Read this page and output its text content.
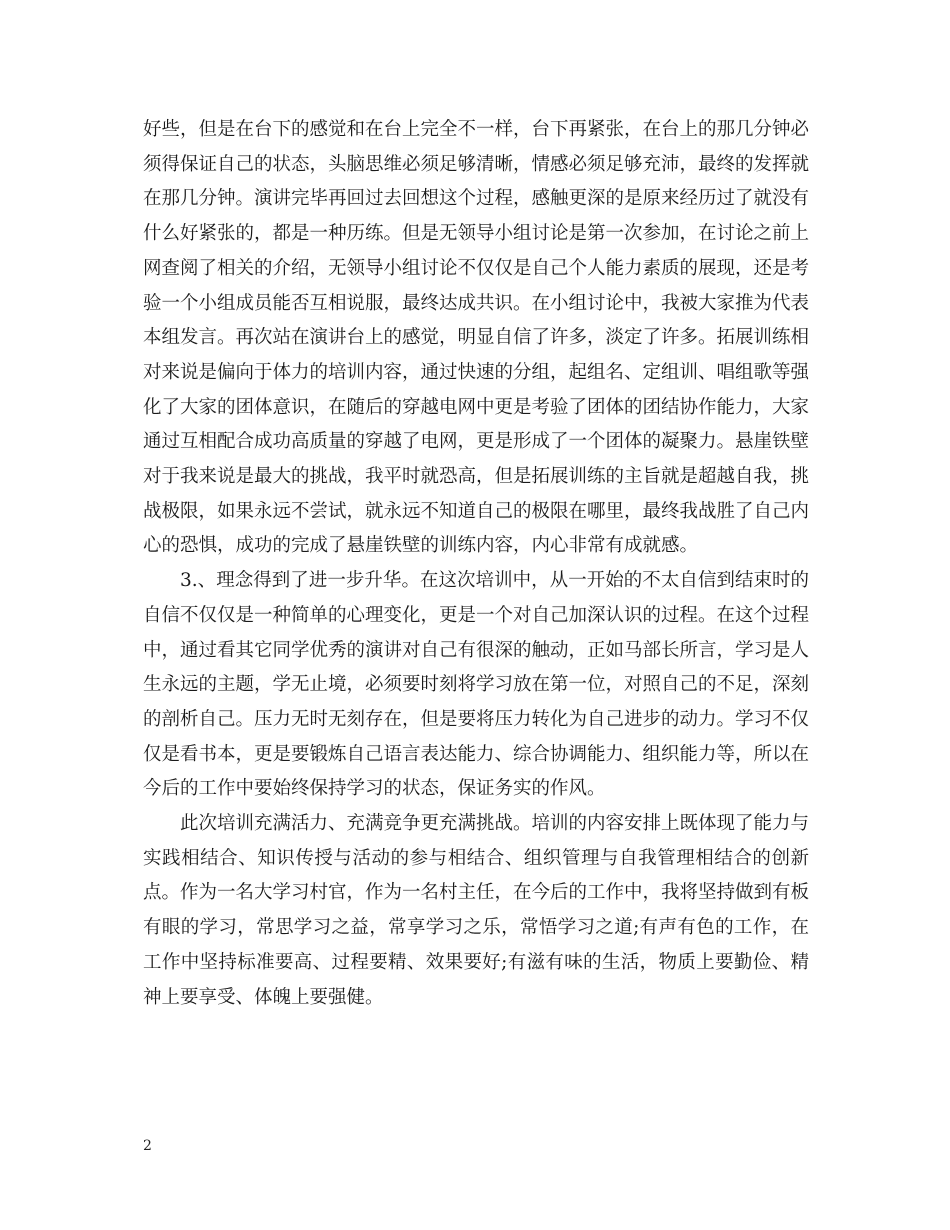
好些，但是在台下的感觉和在台上完全不一样，台下再紧张，在台上的那几分钟必须得保证自己的状态，头脑思维必须足够清晰，情感必须足够充沛，最终的发挥就在那几分钟。演讲完毕再回过去回想这个过程，感触更深的是原来经历过了就没有什么好紧张的，都是一种历练。但是无领导小组讨论是第一次参加，在讨论之前上网查阅了相关的介绍，无领导小组讨论不仅仅是自己个人能力素质的展现，还是考验一个小组成员能否互相说服，最终达成共识。在小组讨论中，我被大家推为代表本组发言。再次站在演讲台上的感觉，明显自信了许多，淡定了许多。拓展训练相对来说是偏向于体力的培训内容，通过快速的分组，起组名、定组训、唱组歌等强化了大家的团体意识，在随后的穿越电网中更是考验了团体的团结协作能力，大家通过互相配合成功高质量的穿越了电网，更是形成了一个团体的凝聚力。悬崖铁壁对于我来说是最大的挑战，我平时就恐高，但是拓展训练的主旨就是超越自我，挑战极限，如果永远不尝试，就永远不知道自己的极限在哪里，最终我战胜了自己内心的恐惧，成功的完成了悬崖铁壁的训练内容，内心非常有成就感。

3.、理念得到了进一步升华。在这次培训中，从一开始的不太自信到结束时的自信不仅仅是一种简单的心理变化，更是一个对自己加深认识的过程。在这个过程中，通过看其它同学优秀的演讲对自己有很深的触动，正如马部长所言，学习是人生永远的主题，学无止境，必须要时刻将学习放在第一位，对照自己的不足，深刻的剖析自己。压力无时无刻存在，但是要将压力转化为自己进步的动力。学习不仅仅是看书本，更是要锻炼自己语言表达能力、综合协调能力、组织能力等，所以在今后的工作中要始终保持学习的状态，保证务实的作风。

此次培训充满活力、充满竞争更充满挑战。培训的内容安排上既体现了能力与实践相结合、知识传授与活动的参与相结合、组织管理与自我管理相结合的创新点。作为一名大学习村官，作为一名村主任，在今后的工作中，我将坚持做到有板有眼的学习，常思学习之益，常享学习之乐，常悟学习之道;有声有色的工作，在工作中坚持标准要高、过程要精、效果要好;有滋有味的生活，物质上要勤俭、精神上要享受、体魄上要强健。

2
